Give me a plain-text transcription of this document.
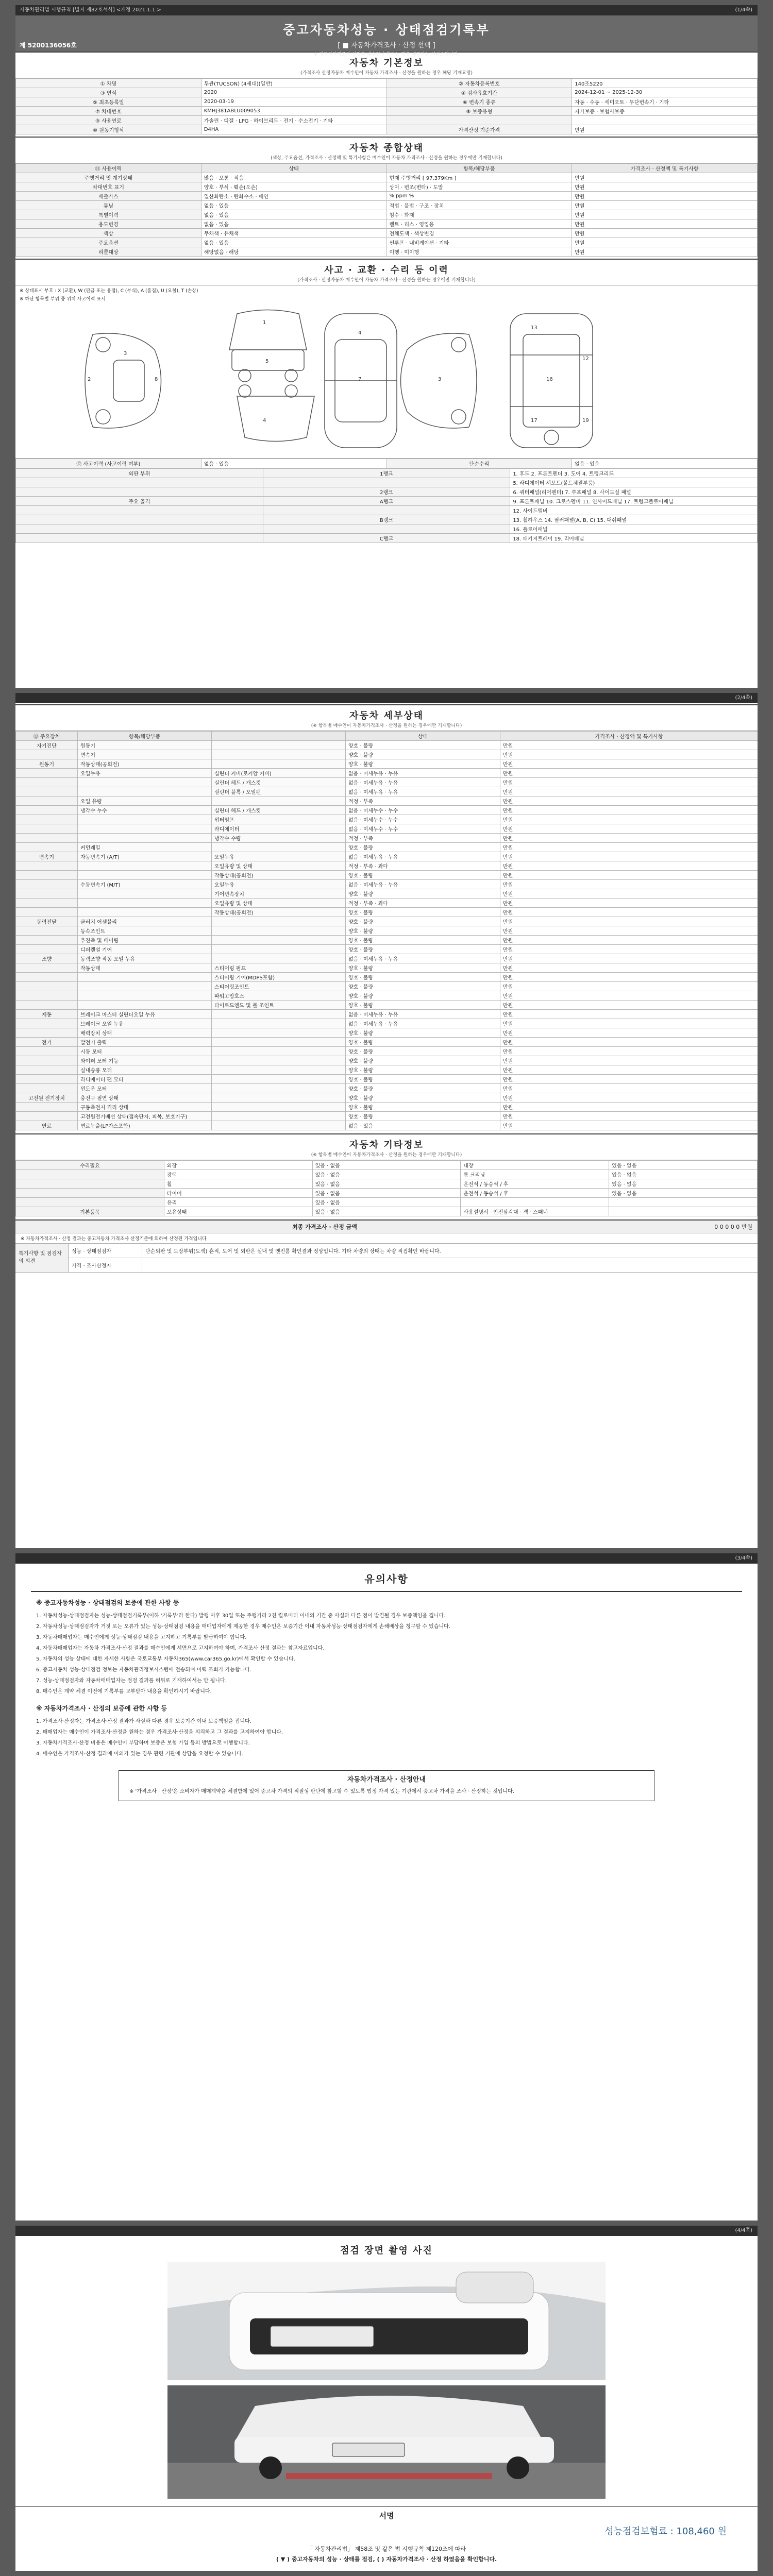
자동차관리법 시행규칙 [별지 제82호서식] <개정 2021.1.1.>	(1/4쪽)
중고자동차성능 · 상태점검기록부
[ ■ 자동차가격조사 · 산정 선택 ]
※ 자동차가격조사·산정은 매수인이 원하는 경우 제공하는 서비스입니다.
제 5200136056호
자동차 기본정보
(가격조사 산정자동차 매수인이 자동차 가격조사 · 산정을 원하는 경우 해당 기재요망)
① 차명	투싼(TUCSON) (4세대)(일반)	② 자동차등록번호	140조5220
③ 연식	2020	④ 검사유효기간	2024-12-01 ~ 2025-12-30
⑤ 최초등록일	2020-03-19	⑥ 변속기 종류	자동 · 수동 · 세미오토 · 무단변속기 · 기타
⑦ 차대번호	KMHJ381ABLU009053	⑧ 보증유형	자가보증 · 보험사보증
⑨ 사용연료	가솔린 · 디젤 · LPG · 하이브리드 · 전기 · 수소전기 · 기타		
⑩ 원동기형식	D4HA	가격산정 기준가격	만원
자동차 종합상태
(색상, 주요옵션, 가격조사 · 산정액 및 특기사항은 매수인이 자동차 가격조사 · 산정을 원하는 경우에만 기재합니다)
⑪ 사용이력	상태	항목/해당부품	가격조사 · 산정액 및 특기사항
주행거리 및 계기상태	많음 · 보통 · 적음	현재 주행거리 [ 97,379Km ]	만원
차대번호 표기	양호 · 부식 · 훼손(오손)	상이 · 변조(변타) · 도말	만원
배출가스	일산화탄소 · 탄화수소 · 매연	% ppm %	만원
튜닝	없음 · 있음	적법 · 불법 · 구조 · 장치	만원
특별이력	없음 · 있음	침수 · 화재	만원
용도변경	없음 · 있음	렌트 · 리스 · 영업용	만원
색상	무채색 · 유채색	전체도색 · 색상변경	만원
주요옵션	없음 · 있음	썬루프 · 내비게이션 · 기타	만원
리콜대상	해당없음 · 해당	이행 · 미이행	만원
사고 · 교환 · 수리 등 이력
(가격조사 · 산정자동차 매수인이 자동차 가격조사 · 산정을 원하는 경우에만 기재합니다)
※ 상태표시 부호 : X (교환), W (판금 또는 용접), C (부식), A (흠집), U (요철), T (손상)
※ 하단 항목별 부위 중 위치 사고이력 표시
2
3
8
1
5
4
7
4
3
13
12
16
17	19
⑫ 사고이력 (사고이력 여부)	없음 · 있음	단순수리	없음 · 있음
외판 부위	1랭크	1. 후드 2. 프론트펜더 3. 도어 4. 트렁크리드
		5. 라디에이터 서포트(볼트체결부품)
	2랭크	6. 쿼터패널(리어펜더) 7. 루프패널 8. 사이드실 패널
주요 골격	A랭크	9. 프론트패널 10. 크로스멤버 11. 인사이드패널 17. 트렁크플로어패널
		12. 사이드멤버
	B랭크	13. 휠하우스 14. 필러패널(A, B, C) 15. 대쉬패널
		16. 플로어패널
	C랭크	18. 패키지트레이 19. 리어패널
(2/4쪽)
자동차 세부상태
(※ 항목별 매수인이 자동차가격조사 · 산정을 원하는 경우에만 기재합니다)
⑬ 주요장치	항목/해당부품		상태	가격조사 · 산정액 및 특기사항
자기진단	원동기		양호 · 불량	만원
	변속기		양호 · 불량	만원
원동기	작동상태(공회전)		양호 · 불량	만원
	오일누유	실린더 커버(로커암 커버)	없음 · 미세누유 · 누유	만원
		실린더 헤드 / 개스킷	없음 · 미세누유 · 누유	만원
		실린더 블록 / 오일팬	없음 · 미세누유 · 누유	만원
	오일 유량		적정 · 부족	만원
	냉각수 누수	실린더 헤드 / 개스킷	없음 · 미세누수 · 누수	만원
		워터펌프	없음 · 미세누수 · 누수	만원
		라디에이터	없음 · 미세누수 · 누수	만원
		냉각수 수량	적정 · 부족	만원
	커먼레일		양호 · 불량	만원
변속기	자동변속기 (A/T)	오일누유	없음 · 미세누유 · 누유	만원
		오일유량 및 상태	적정 · 부족 · 과다	만원
		작동상태(공회전)	양호 · 불량	만원
	수동변속기 (M/T)	오일누유	없음 · 미세누유 · 누유	만원
		기어변속장치	양호 · 불량	만원
		오일유량 및 상태	적정 · 부족 · 과다	만원
		작동상태(공회전)	양호 · 불량	만원
동력전달	클러치 어셈블리		양호 · 불량	만원
	등속조인트		양호 · 불량	만원
	추진축 및 베어링		양호 · 불량	만원
	디퍼렌셜 기어		양호 · 불량	만원
조향	동력조향 작동 오일 누유		없음 · 미세누유 · 누유	만원
	작동상태	스티어링 펌프	양호 · 불량	만원
		스티어링 기어(MDPS포함)	양호 · 불량	만원
		스티어링조인트	양호 · 불량	만원
		파워고압호스	양호 · 불량	만원
		타이로드엔드 및 볼 조인트	양호 · 불량	만원
제동	브레이크 마스터 실린더오일 누유		없음 · 미세누유 · 누유	만원
	브레이크 오일 누유		없음 · 미세누유 · 누유	만원
	배력장치 상태		양호 · 불량	만원
전기	발전기 출력		양호 · 불량	만원
	시동 모터		양호 · 불량	만원
	와이퍼 모터 기능		양호 · 불량	만원
	실내송풍 모터		양호 · 불량	만원
	라디에이터 팬 모터		양호 · 불량	만원
	윈도우 모터		양호 · 불량	만원
고전원 전기장치	충전구 절연 상태		양호 · 불량	만원
	구동축전지 격리 상태		양호 · 불량	만원
	고전원전기배선 상태(접속단자, 피복, 보호기구)		양호 · 불량	만원
연료	연료누출(LP가스포함)		없음 · 있음	만원
자동차 기타정보
(※ 항목별 매수인이 자동차가격조사 · 산정을 원하는 경우에만 기재합니다)
수리필요	외장	있음 · 없음	내장	있음 · 없음
	광택	있음 · 없음	룸 크리닝	있음 · 없음
	휠	있음 · 없음	운전석 / 동승석 / 후	있음 · 없음
	타이어	있음 · 없음	운전석 / 동승석 / 후	있음 · 없음
	유리	있음 · 없음		
기본품목	보유상태	있음 · 없음	사용설명서 · 안전삼각대 · 잭 · 스패너	
최종 가격조사 · 산정 금액	0 0 0 0 0 만원
※ 자동차가격조사 · 산정 결과는 중고자동차 가격조사 산정기준에 의하여 산정된 가격입니다
특기사항 및 점검자의 의견
성능 · 상태점검자	단순외판 및 도장부위(도색) 흔적, 도어 및 외판은 실내 및 엔진룸 확인결과 정상입니다. 기타 차량의 상태는 차량 직접확인 바랍니다.
가격 · 조사산정자
(3/4쪽)
유의사항
※ 중고자동차성능 · 상태점검의 보증에 관한 사항 등
1. 자동차성능·상태점검자는 성능·상태점검기록부(이하 '기록부'라 한다) 발행 이후 30일 또는 주행거리 2천 킬로미터 이내의 기간 중 사실과 다른 점이 발견될 경우 보증책임을 집니다.
2. 자동차성능·상태점검자가 거짓 또는 오류가 있는 성능·상태점검 내용을 매매업자에게 제공한 경우 매수인은 보증기간 이내 자동차성능·상태점검자에게 손해배상을 청구할 수 있습니다.
3. 자동차매매업자는 매수인에게 성능·상태점검 내용을 고지하고 기록부를 발급하여야 합니다.
4. 자동차매매업자는 자동차 가격조사·산정 결과를 매수인에게 서면으로 고지하여야 하며, 가격조사·산정 결과는 참고자료입니다.
5. 자동차의 성능·상태에 대한 자세한 사항은 국토교통부 자동차365(www.car365.go.kr)에서 확인할 수 있습니다.
6. 중고자동차 성능·상태점검 정보는 자동차관리정보시스템에 전송되며 이력 조회가 가능합니다.
7. 성능·상태점검자와 자동차매매업자는 점검 결과를 허위로 기재하여서는 안 됩니다.
8. 매수인은 계약 체결 이전에 기록부를 교부받아 내용을 확인하시기 바랍니다.
※ 자동차가격조사 · 산정의 보증에 관한 사항 등
1. 가격조사·산정자는 가격조사·산정 결과가 사실과 다른 경우 보증기간 이내 보증책임을 집니다.
2. 매매업자는 매수인이 가격조사·산정을 원하는 경우 가격조사·산정을 의뢰하고 그 결과를 고지하여야 합니다.
3. 자동차가격조사·산정 비용은 매수인이 부담하며 보증은 보험 가입 등의 방법으로 이행합니다.
4. 매수인은 가격조사·산정 결과에 이의가 있는 경우 관련 기관에 상담을 요청할 수 있습니다.
자동차가격조사 · 산정안내
※ '가격조사 · 산정'은 소비자가 매매계약을 체결함에 있어 중고차 가격의 적절성 판단에 참고할 수 있도록 법정 자격 있는 기관에서 중고차 가격을 조사 · 산정하는 것입니다.
(4/4쪽)
점검 장면 촬영 사진
서명
성능점검보험료 : 108,460 원
「 자동차관리법」 제58조 및 같은 법 시행규칙 제120조에 따라
( ▼ ) 중고자동차의 성능 · 상태를 점검, ( ) 자동차가격조사 · 산정 하였음을 확인합니다.
